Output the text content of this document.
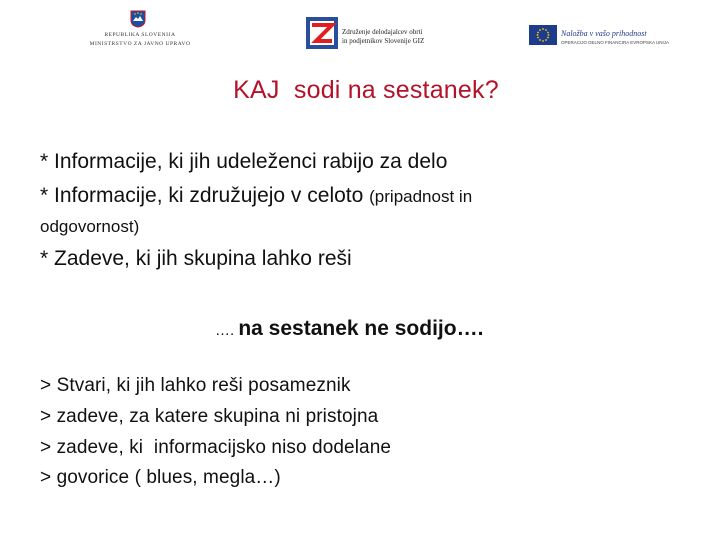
REPUBLIKA SLOVENIJA
MINISTRSTVO ZA JAVNO UPRAVO
Združenje delodajalcev obrti
in podjetnikov Slovenije GIZ
Naložba v vašo prihodnost
OPERACIJO DELNO FINANCIRA EVROPSKA UNIJA
KAJ  sodi na sestanek?
* Informacije, ki jih udeleženci rabijo za delo
* Informacije, ki združujejo v celoto (pripadnost in
odgovornost)
* Zadeve, ki jih skupina lahko reši
…. na sestanek ne sodijo….
> Stvari, ki jih lahko reši posameznik
> zadeve, za katere skupina ni pristojna
> zadeve, ki  informacijsko niso dodelane
> govorice ( blues, megla…)
